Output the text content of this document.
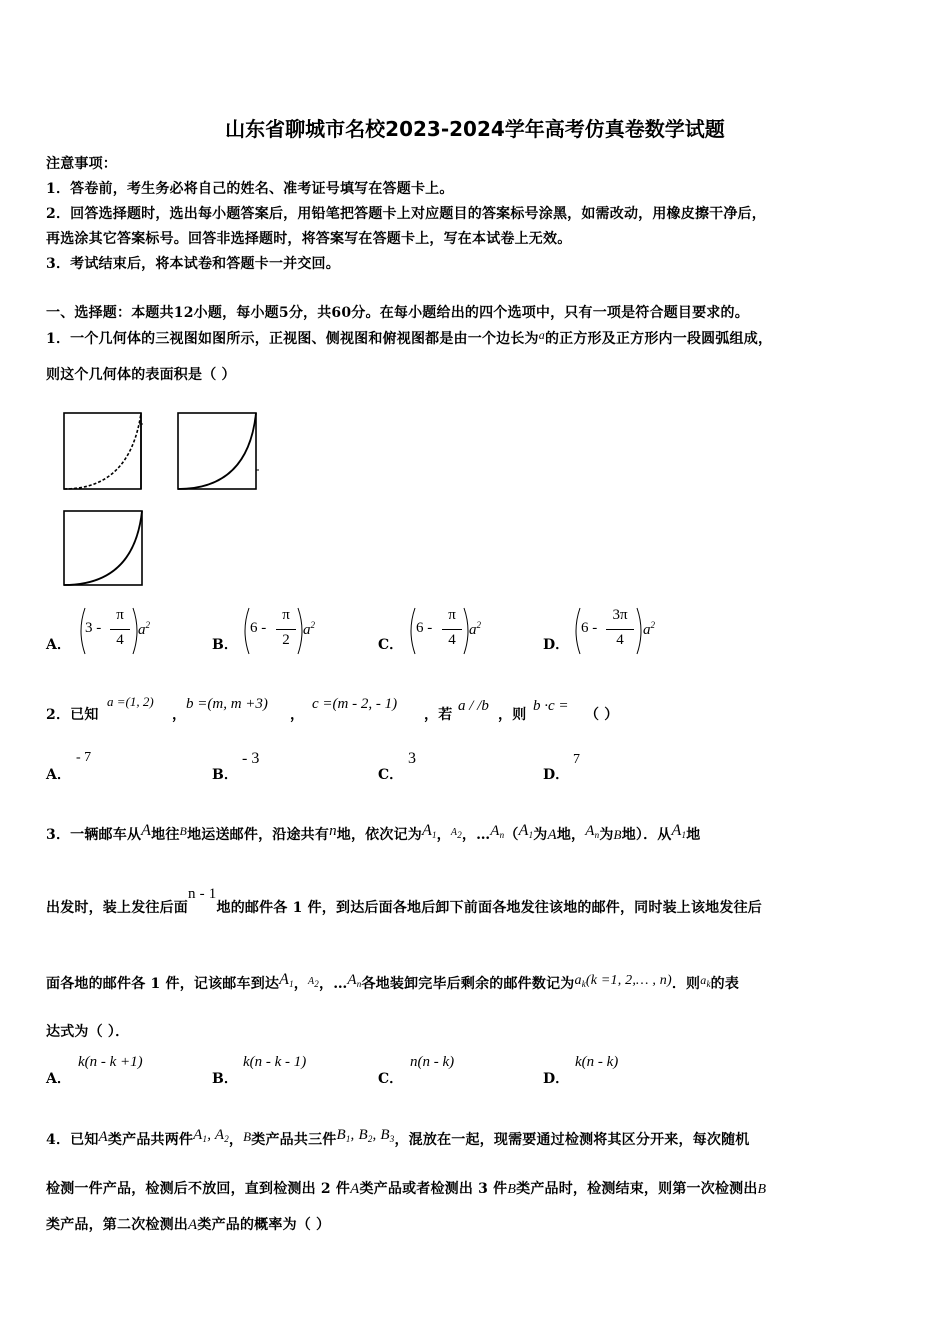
山东省聊城市名校2023-2024学年高考仿真卷数学试题
注意事项：
1．答卷前，考生务必将自己的姓名、准考证号填写在答题卡上。
2．回答选择题时，选出每小题答案后，用铅笔把答题卡上对应题目的答案标号涂黑，如需改动，用橡皮擦干净后，
再选涂其它答案标号。回答非选择题时，将答案写在答题卡上，写在本试卷上无效。
3．考试结束后，将本试卷和答题卡一并交回。
一、选择题：本题共12小题，每小题5分，共60分。在每小题给出的四个选项中，只有一项是符合题目要求的。
1．一个几何体的三视图如图所示，正视图、侧视图和俯视图都是由一个边长为a的正方形及正方形内一段圆弧组成，
则这个几何体的表面积是（ ）
A．
3 -
π
4
$a^2$
B．
6 -
π
2
$a^2$
C．
6 -
π
4
$a^2$
D．
6 -
3π
4
$a^2$
2．已知
a =(1, 2)
，
b =(m, m +3)
，
c =(m - 2, - 1)
，若
a / /b
，则
b ·c =
（ ）
A．
- 7
B．
- 3
C．
3
D．
7
3．一辆邮车从A地往B地运送邮件，沿途共有n地，依次记为$A_1$，$^{A2}$，$\dots A_n(A_1$为A地，$A_n$为B地）．从$A_1$地
出发时，装上发往后面n - 1地的邮件各 1 件，到达后面各地后卸下前面各地发往该地的邮件，同时装上该地发往后
面各地的邮件各 1 件，记该邮车到达$A_1$，$^{A2}$，$\dots A_n$各地装卸完毕后剩余的邮件数记为$a_k(k =1$, 2,… , n)．则$a_k$的表
达式为（ ）．
A．
k(n - k +1)
B．
k(n - k - 1)
C．
n(n - k)
D．
k(n - k)
4．已知A类产品共两件$A_1$, $A_2$，B类产品共三件$B_1$, $B_2$, $B_3$，混放在一起，现需要通过检测将其区分开来，每次随机
检测一件产品，检测后不放回，直到检测出 2 件A类产品或者检测出 3 件B类产品时，检测结束，则第一次检测出B
类产品，第二次检测出A类产品的概率为（ ）
